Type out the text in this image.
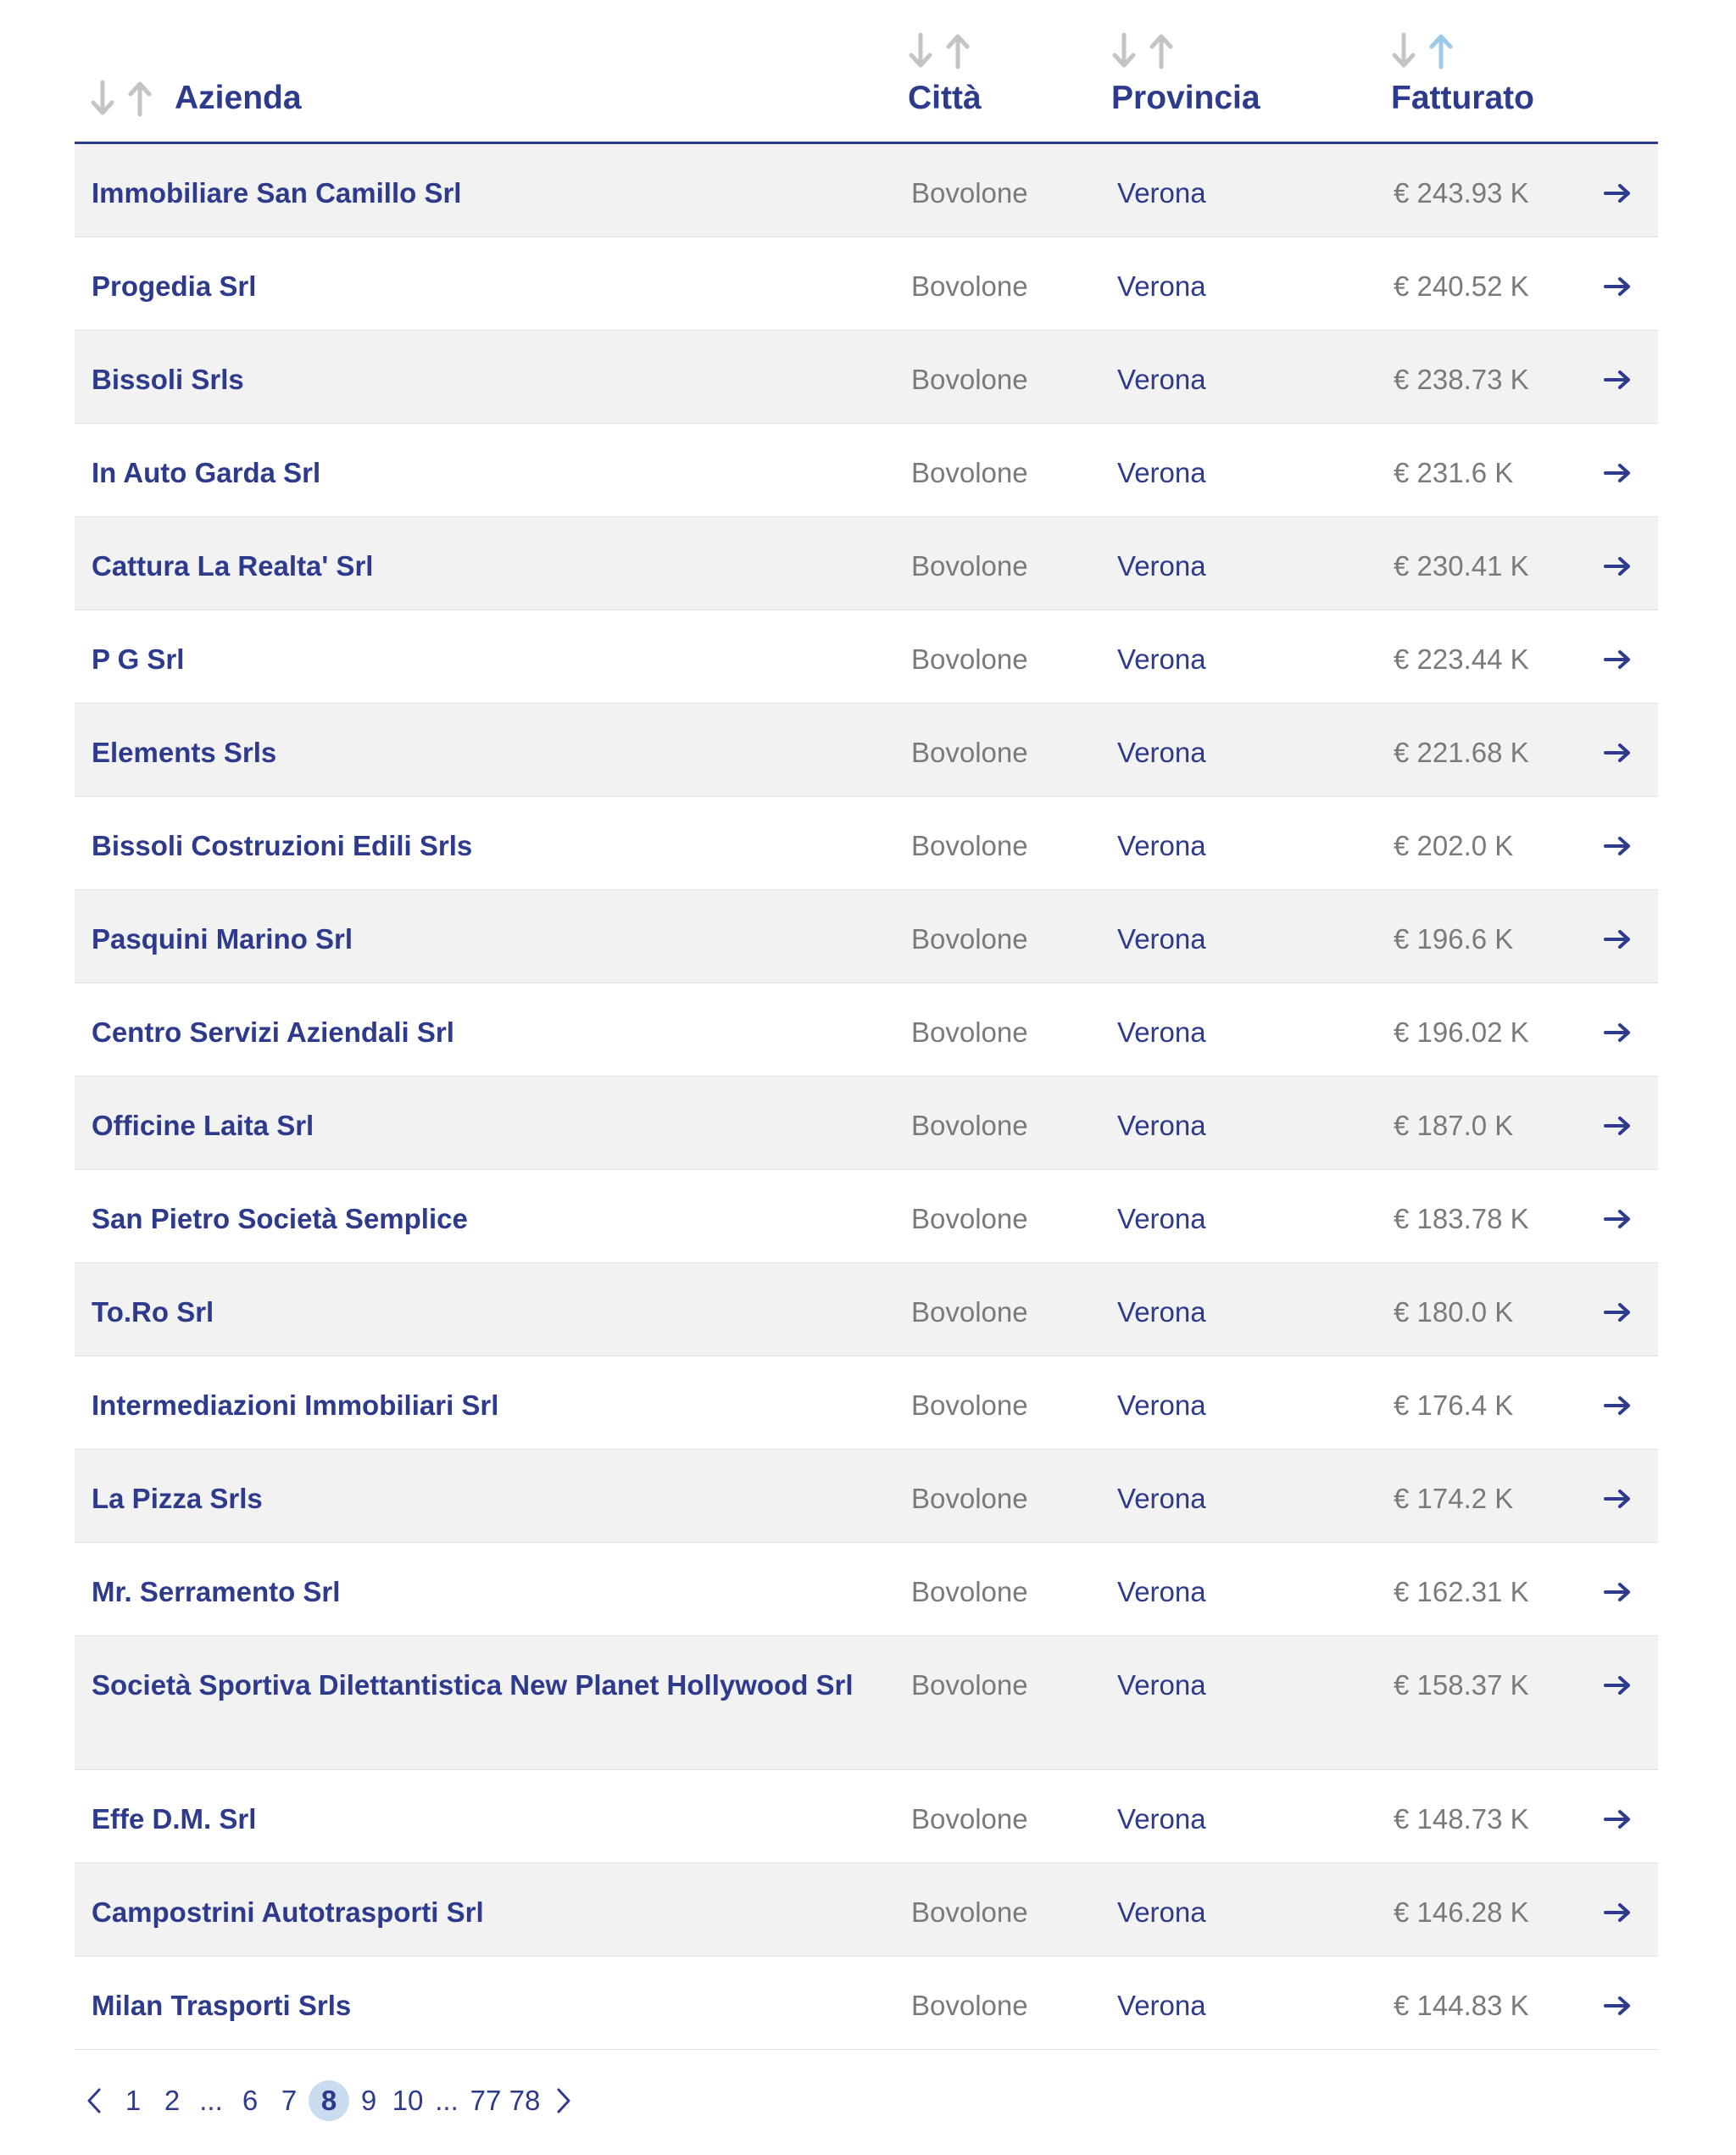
Azienda	Città	Provincia	Fatturato
Immobiliare San Camillo Srl	Bovolone	Verona	€ 243.93 K
Progedia Srl	Bovolone	Verona	€ 240.52 K
Bissoli Srls	Bovolone	Verona	€ 238.73 K
In Auto Garda Srl	Bovolone	Verona	€ 231.6 K
Cattura La Realta' Srl	Bovolone	Verona	€ 230.41 K
P G Srl	Bovolone	Verona	€ 223.44 K
Elements Srls	Bovolone	Verona	€ 221.68 K
Bissoli Costruzioni Edili Srls	Bovolone	Verona	€ 202.0 K
Pasquini Marino Srl	Bovolone	Verona	€ 196.6 K
Centro Servizi Aziendali Srl	Bovolone	Verona	€ 196.02 K
Officine Laita Srl	Bovolone	Verona	€ 187.0 K
San Pietro Società Semplice	Bovolone	Verona	€ 183.78 K
To.Ro Srl	Bovolone	Verona	€ 180.0 K
Intermediazioni Immobiliari Srl	Bovolone	Verona	€ 176.4 K
La Pizza Srls	Bovolone	Verona	€ 174.2 K
Mr. Serramento Srl	Bovolone	Verona	€ 162.31 K
Società Sportiva Dilettantistica New Planet Hollywood Srl	Bovolone	Verona	€ 158.37 K
Effe D.M. Srl	Bovolone	Verona	€ 148.73 K
Campostrini Autotrasporti Srl	Bovolone	Verona	€ 146.28 K
Milan Trasporti Srls	Bovolone	Verona	€ 144.83 K
1 2 ... 6 7 8 9 10 ... 77 78
